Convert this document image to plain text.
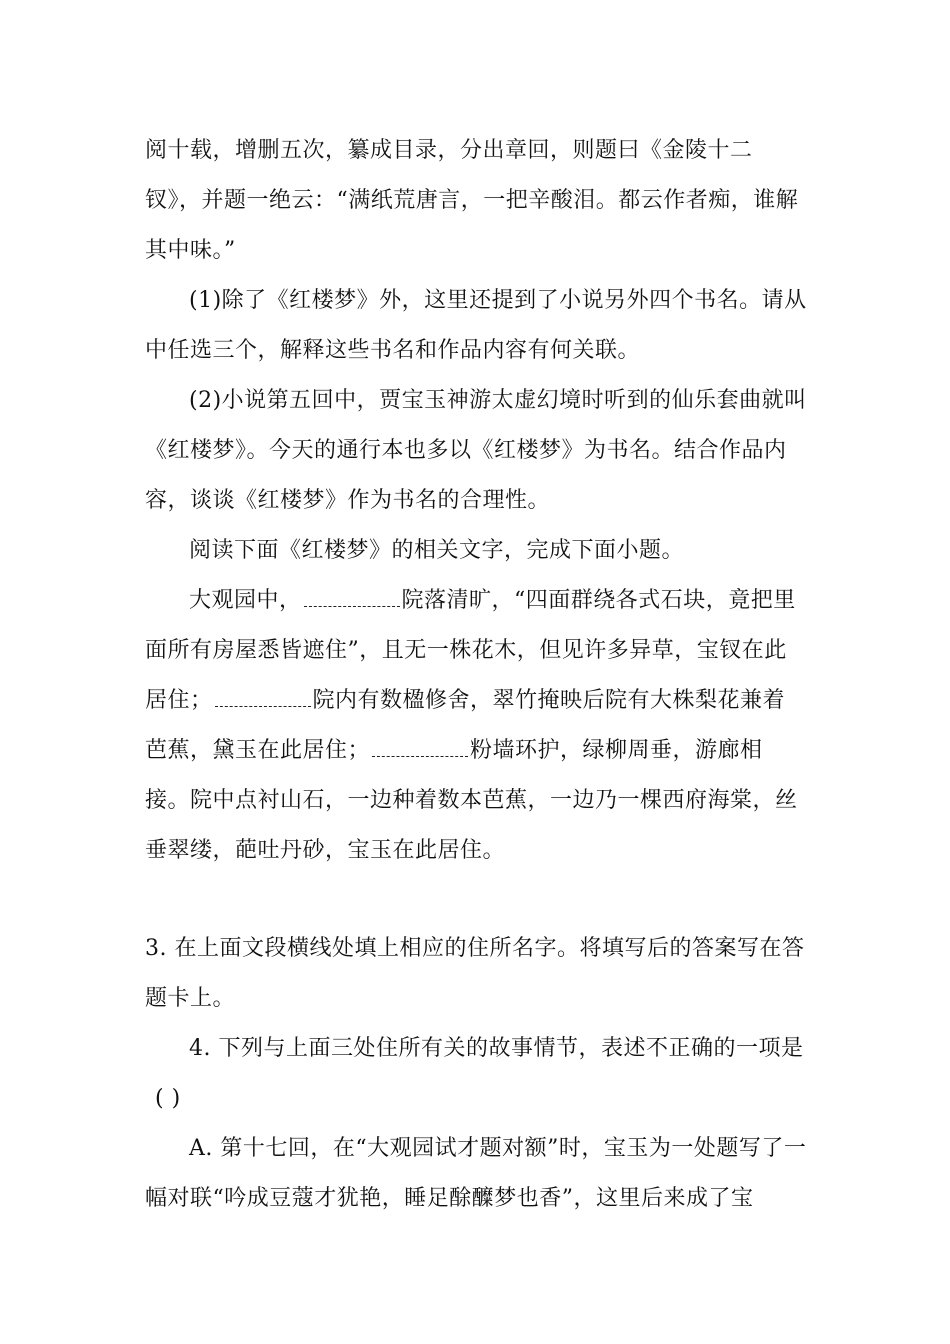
阅十载，增删五次，纂成目录，分出章回，则题曰《金陵十二钗》，并题一绝云：“满纸荒唐言，一把辛酸泪。都云作者痴，谁解其中味。”

(1)除了《红楼梦》外，这里还提到了小说另外四个书名。请从中任选三个，解释这些书名和作品内容有何关联。

(2)小说第五回中，贾宝玉神游太虚幻境时听到的仙乐套曲就叫《红楼梦》。今天的通行本也多以《红楼梦》为书名。结合作品内容，谈谈《红楼梦》作为书名的合理性。

阅读下面《红楼梦》的相关文字，完成下面小题。

大观园中，	院落清旷，“四面群绕各式石块，竟把里面所有房屋悉皆遮住”，且无一株花木，但见许多异草，宝钗在此居住；	院内有数楹修舍，翠竹掩映后院有大株梨花兼着芭蕉，黛玉在此居住；	粉墙环护，绿柳周垂，游廊相接。院中点衬山石，一边种着数本芭蕉，一边乃一棵西府海棠，丝垂翠缕，葩吐丹砂，宝玉在此居住。

3. 在上面文段横线处填上相应的住所名字。将填写后的答案写在答题卡上。

4. 下列与上面三处住所有关的故事情节，表述不正确的一项是

( )

A. 第十七回，在“大观园试才题对额”时，宝玉为一处题写了一幅对联“吟成豆蔻才犹艳，睡足酴醾梦也香”，这里后来成了宝
